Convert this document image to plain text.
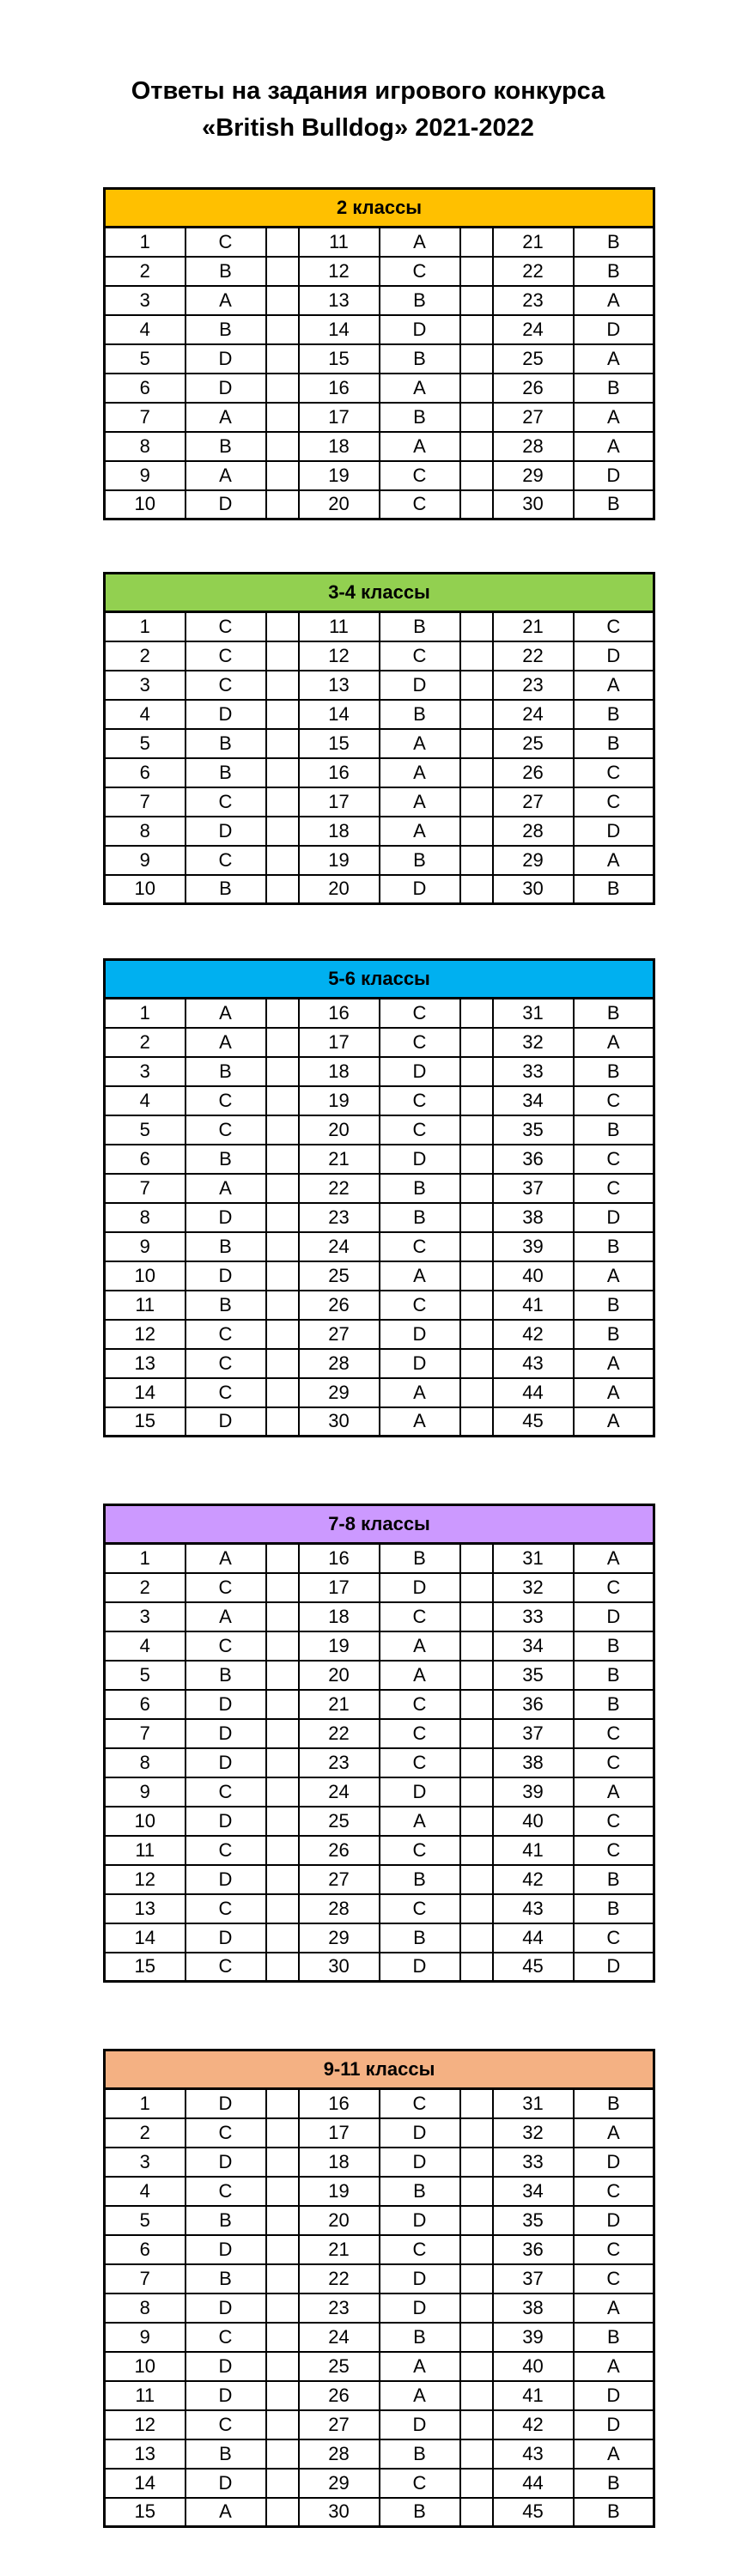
Ответы на задания игрового конкурса
«British Bulldog» 2021-2022
2 классы							
1	C		11	A		21	B
2	B		12	C		22	B
3	A		13	B		23	A
4	B		14	D		24	D
5	D		15	B		25	A
6	D		16	A		26	B
7	A		17	B		27	A
8	B		18	A		28	A
9	A		19	C		29	D
10	D		20	C		30	B
3-4 классы							
1	C		11	B		21	C
2	C		12	C		22	D
3	C		13	D		23	A
4	D		14	B		24	B
5	B		15	A		25	B
6	B		16	A		26	C
7	C		17	A		27	C
8	D		18	A		28	D
9	C		19	B		29	A
10	B		20	D		30	B
5-6 классы							
1	A		16	C		31	B
2	A		17	C		32	A
3	B		18	D		33	B
4	C		19	C		34	C
5	C		20	C		35	B
6	B		21	D		36	C
7	A		22	B		37	C
8	D		23	B		38	D
9	B		24	C		39	B
10	D		25	A		40	A
11	B		26	C		41	B
12	C		27	D		42	B
13	C		28	D		43	A
14	C		29	A		44	A
15	D		30	A		45	A
7-8 классы							
1	A		16	B		31	A
2	C		17	D		32	C
3	A		18	C		33	D
4	C		19	A		34	B
5	B		20	A		35	B
6	D		21	C		36	B
7	D		22	C		37	C
8	D		23	C		38	C
9	C		24	D		39	A
10	D		25	A		40	C
11	C		26	C		41	C
12	D		27	B		42	B
13	C		28	C		43	B
14	D		29	B		44	C
15	C		30	D		45	D
9-11 классы							
1	D		16	C		31	B
2	C		17	D		32	A
3	D		18	D		33	D
4	C		19	B		34	C
5	B		20	D		35	D
6	D		21	C		36	C
7	B		22	D		37	C
8	D		23	D		38	A
9	C		24	B		39	B
10	D		25	A		40	A
11	D		26	A		41	D
12	C		27	D		42	D
13	B		28	B		43	A
14	D		29	C		44	B
15	A		30	B		45	B
